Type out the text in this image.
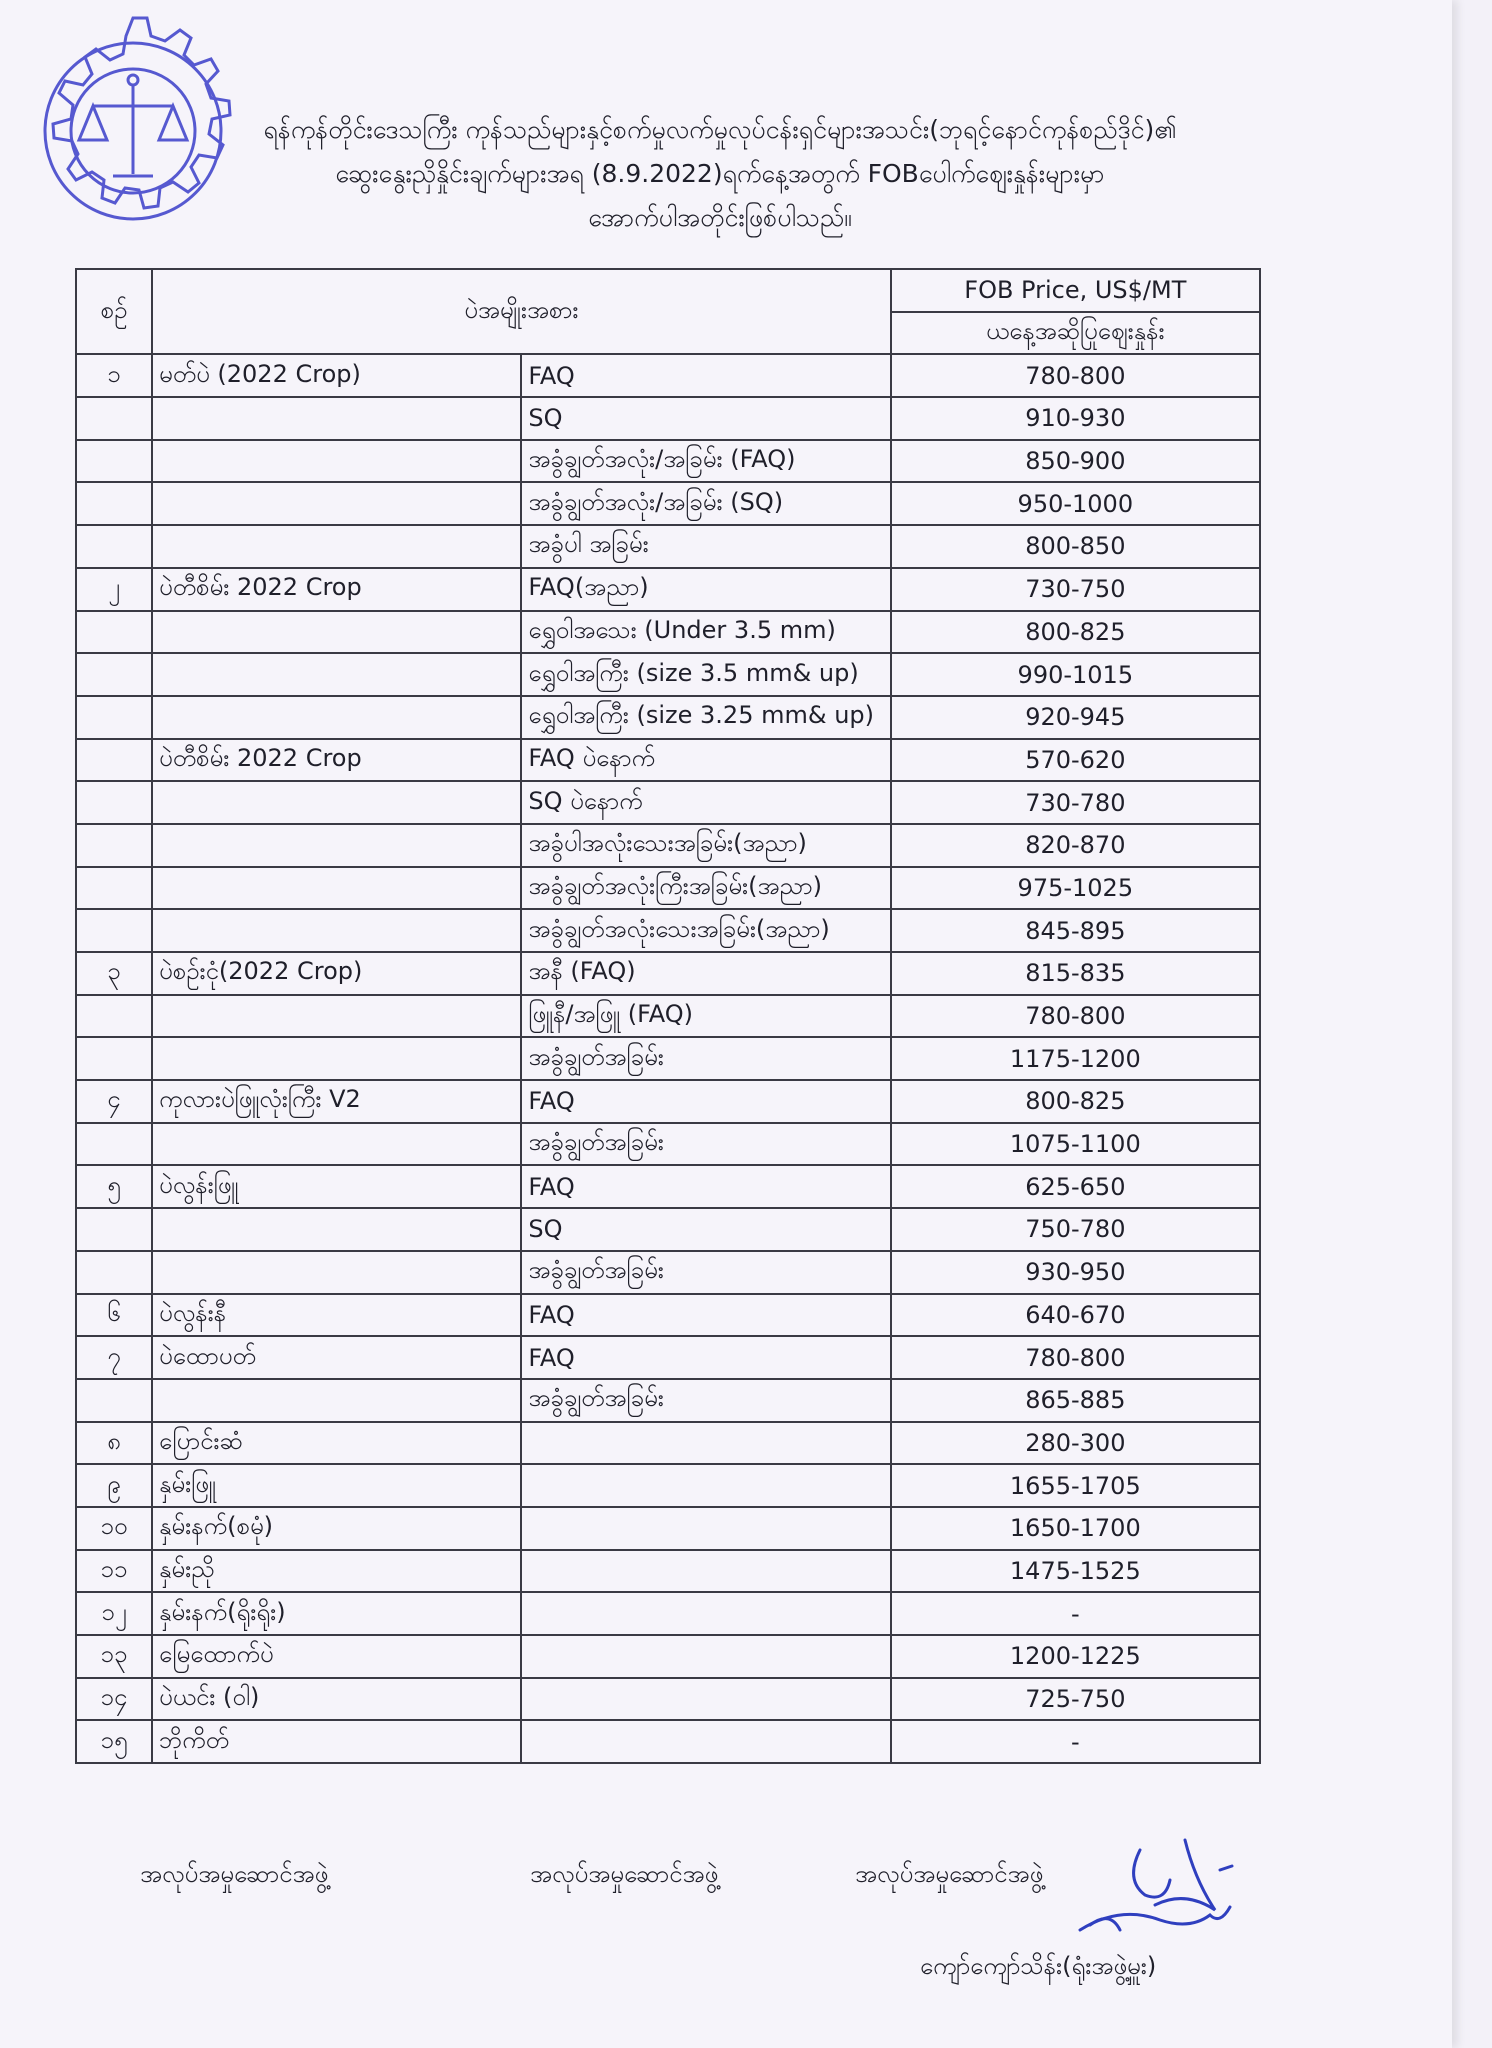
ရန်ကုန်တိုင်းဒေသကြီး ကုန်သည်များနှင့်စက်မှုလက်မှုလုပ်ငန်းရှင်များအသင်း(ဘုရင့်နောင်ကုန်စည်ဒိုင်)၏
ဆွေးနွေးညှိနှိုင်းချက်များအရ (8.9.2022)ရက်နေ့အတွက် FOBပေါက်ဈေးနှုန်းများမှာ
အောက်ပါအတိုင်းဖြစ်ပါသည်။
စဉ်	ပဲအမျိုးအစား		FOB Price, US$/MT
			ယနေ့အဆိုပြုဈေးနှုန်း
၁	မတ်ပဲ (2022 Crop)	FAQ	780-800
		SQ	910-930
		အခွံချွတ်အလုံး/အခြမ်း (FAQ)	850-900
		အခွံချွတ်အလုံး/အခြမ်း (SQ)	950-1000
		အခွံပါ အခြမ်း	800-850
၂	ပဲတီစိမ်း 2022 Crop	FAQ(အညာ)	730-750
		ရွှေဝါအသေး (Under 3.5 mm)	800-825
		ရွှေဝါအကြီး (size 3.5 mm& up)	990-1015
		ရွှေဝါအကြီး (size 3.25 mm& up)	920-945
	ပဲတီစိမ်း 2022 Crop	FAQ ပဲနောက်	570-620
		SQ ပဲနောက်	730-780
		အခွံပါအလုံးသေးအခြမ်း(အညာ)	820-870
		အခွံချွတ်အလုံးကြီးအခြမ်း(အညာ)	975-1025
		အခွံချွတ်အလုံးသေးအခြမ်း(အညာ)	845-895
၃	ပဲစဉ်းငုံ(2022 Crop)	အနီ (FAQ)	815-835
		ဖြူနီ/အဖြူ (FAQ)	780-800
		အခွံချွတ်အခြမ်း	1175-1200
၄	ကုလားပဲဖြူလုံးကြီး V2	FAQ	800-825
		အခွံချွတ်အခြမ်း	1075-1100
၅	ပဲလွန်းဖြူ	FAQ	625-650
		SQ	750-780
		အခွံချွတ်အခြမ်း	930-950
၆	ပဲလွန်းနီ	FAQ	640-670
၇	ပဲထောပတ်	FAQ	780-800
		အခွံချွတ်အခြမ်း	865-885
၈	ပြောင်းဆံ		280-300
၉	နှမ်းဖြူ		1655-1705
၁၀	နှမ်းနက်(စမုံ)		1650-1700
၁၁	နှမ်းညို		1475-1525
၁၂	နှမ်းနက်(ရိုးရိုး)		-
၁၃	မြေထောက်ပဲ		1200-1225
၁၄	ပဲယင်း (ဝါ)		725-750
၁၅	ဘိုကိတ်		-
အလုပ်အမှုဆောင်အဖွဲ့	အလုပ်အမှုဆောင်အဖွဲ့	အလုပ်အမှုဆောင်အဖွဲ့
ကျော်ကျော်သိန်း(ရုံးအဖွဲ့မှူး)
